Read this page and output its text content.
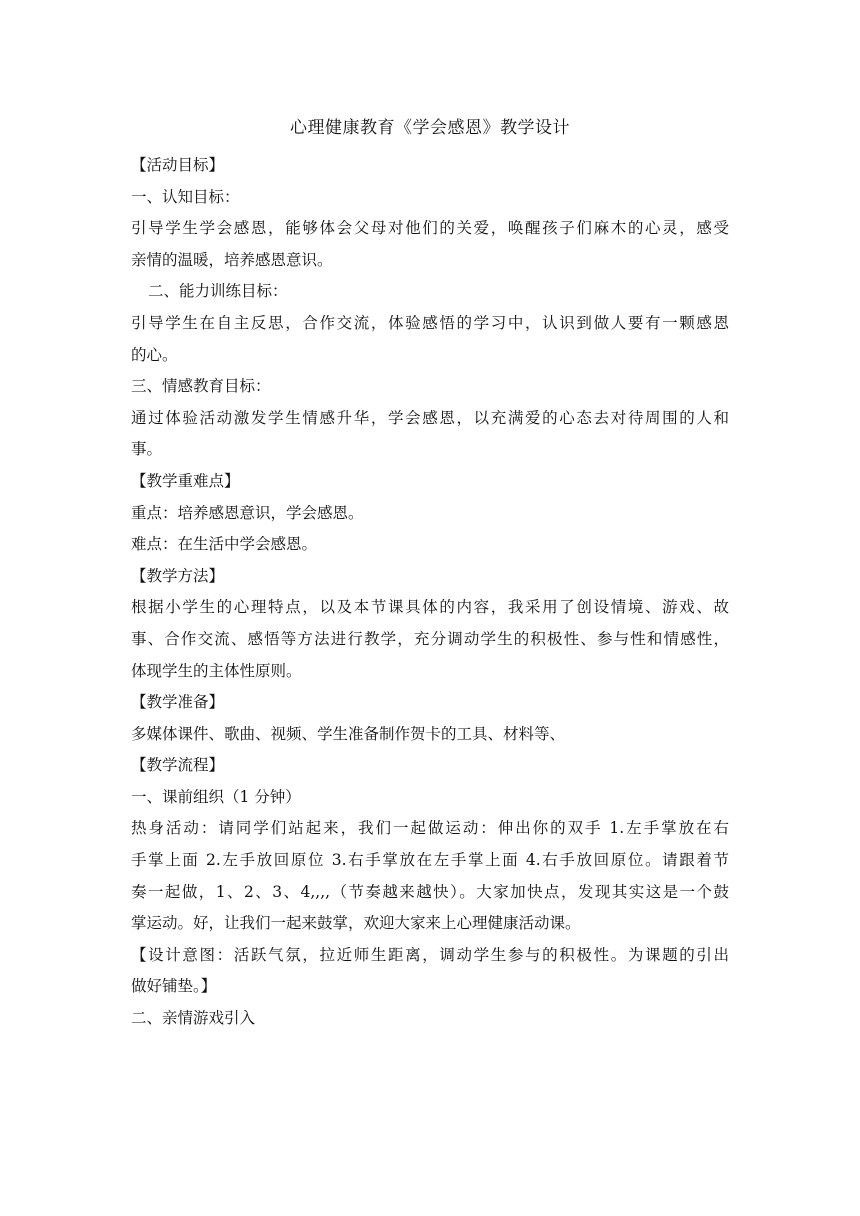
心理健康教育《学会感恩》教学设计

【活动目标】

一、认知目标：

引导学生学会感恩，能够体会父母对他们的关爱，唤醒孩子们麻木的心灵，感受

亲情的温暖，培养感恩意识。

二、能力训练目标：

引导学生在自主反思，合作交流，体验感悟的学习中，认识到做人要有一颗感恩

的心。

三、情感教育目标：

通过体验活动激发学生情感升华，学会感恩，以充满爱的心态去对待周围的人和

事。

【教学重难点】

重点：培养感恩意识，学会感恩。

难点：在生活中学会感恩。

【教学方法】

根据小学生的心理特点，以及本节课具体的内容，我采用了创设情境、游戏、故

事、合作交流、感悟等方法进行教学，充分调动学生的积极性、参与性和情感性，

体现学生的主体性原则。

【教学准备】

多媒体课件、歌曲、视频、学生准备制作贺卡的工具、材料等、

【教学流程】

一、课前组织（1 分钟）

热身活动：请同学们站起来，我们一起做运动：伸出你的双手 1.左手掌放在右

手掌上面 2.左手放回原位 3.右手掌放在左手掌上面 4.右手放回原位。请跟着节

奏一起做，1、2、3、4,,,,（节奏越来越快）。大家加快点，发现其实这是一个鼓

掌运动。好，让我们一起来鼓掌，欢迎大家来上心理健康活动课。

【设计意图：活跃气氛，拉近师生距离，调动学生参与的积极性。为课题的引出

做好铺垫。】

二、亲情游戏引入
